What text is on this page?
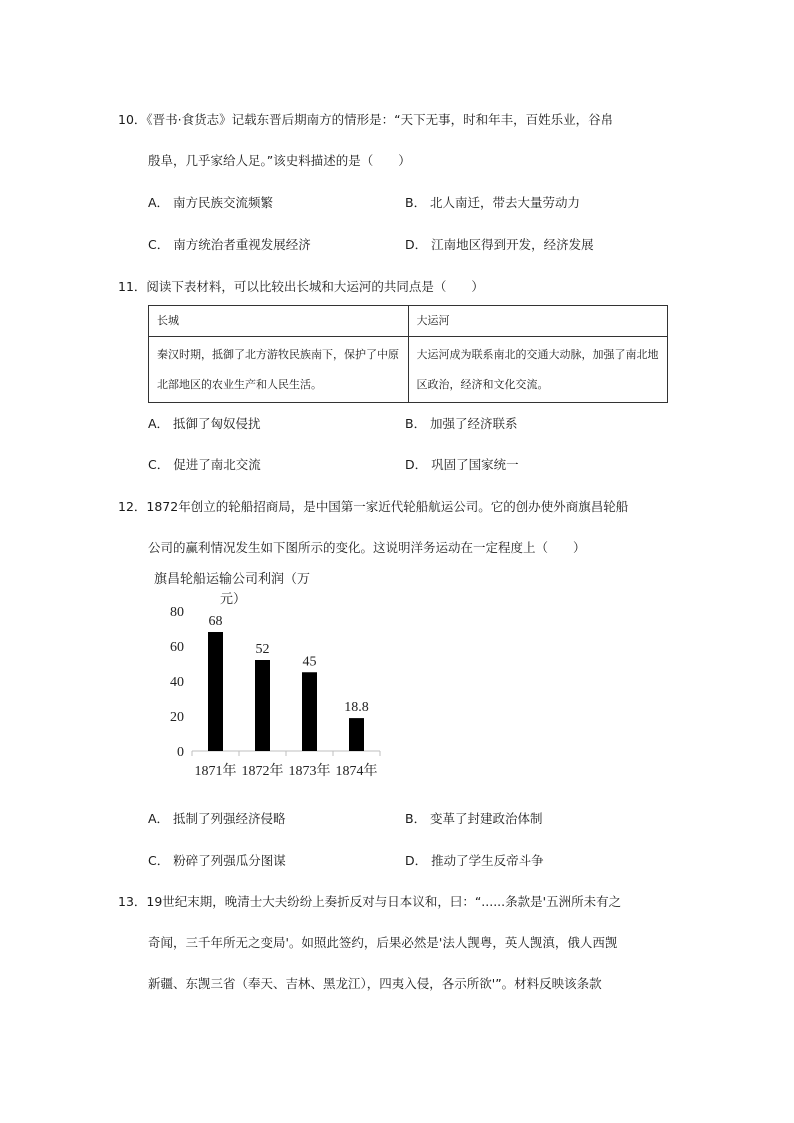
10．《晋书·食货志》记载东晋后期南方的情形是：“天下无事，时和年丰，百姓乐业，谷帛
殷阜，几乎家给人足。”该史料描述的是（　　）
A． 南方民族交流频繁	B． 北人南迁，带去大量劳动力
C． 南方统治者重视发展经济	D． 江南地区得到开发，经济发展
11．阅读下表材料，可以比较出长城和大运河的共同点是（　　）
长城	大运河
秦汉时期，抵御了北方游牧民族南下，保护了中原北部地区的农业生产和人民生活。	大运河成为联系南北的交通大动脉，加强了南北地区政治，经济和文化交流。
A． 抵御了匈奴侵扰	B． 加强了经济联系
C． 促进了南北交流	D． 巩固了国家统一
12．1872年创立的轮船招商局，是中国第一家近代轮船航运公司。它的创办使外商旗昌轮船
公司的赢利情况发生如下图所示的变化。这说明洋务运动在一定程度上（　　）
旗昌轮船运输公司利润（万
元）
0
20
40
60
80
68
1871年
52
1872年
45
1873年
18.8
1874年
A． 抵制了列强经济侵略	B． 变革了封建政治体制
C． 粉碎了列强瓜分图谋	D． 推动了学生反帝斗争
13．19世纪末期，晚清士大夫纷纷上奏折反对与日本议和，曰：“......条款是'五洲所未有之
奇闻，三千年所无之变局'。如照此签约，后果必然是'法人觊粤，英人觊滇，俄人西觊
新疆、东觊三省（奉天、吉林、黑龙江），四夷入侵，各示所欲'”。材料反映该条款
